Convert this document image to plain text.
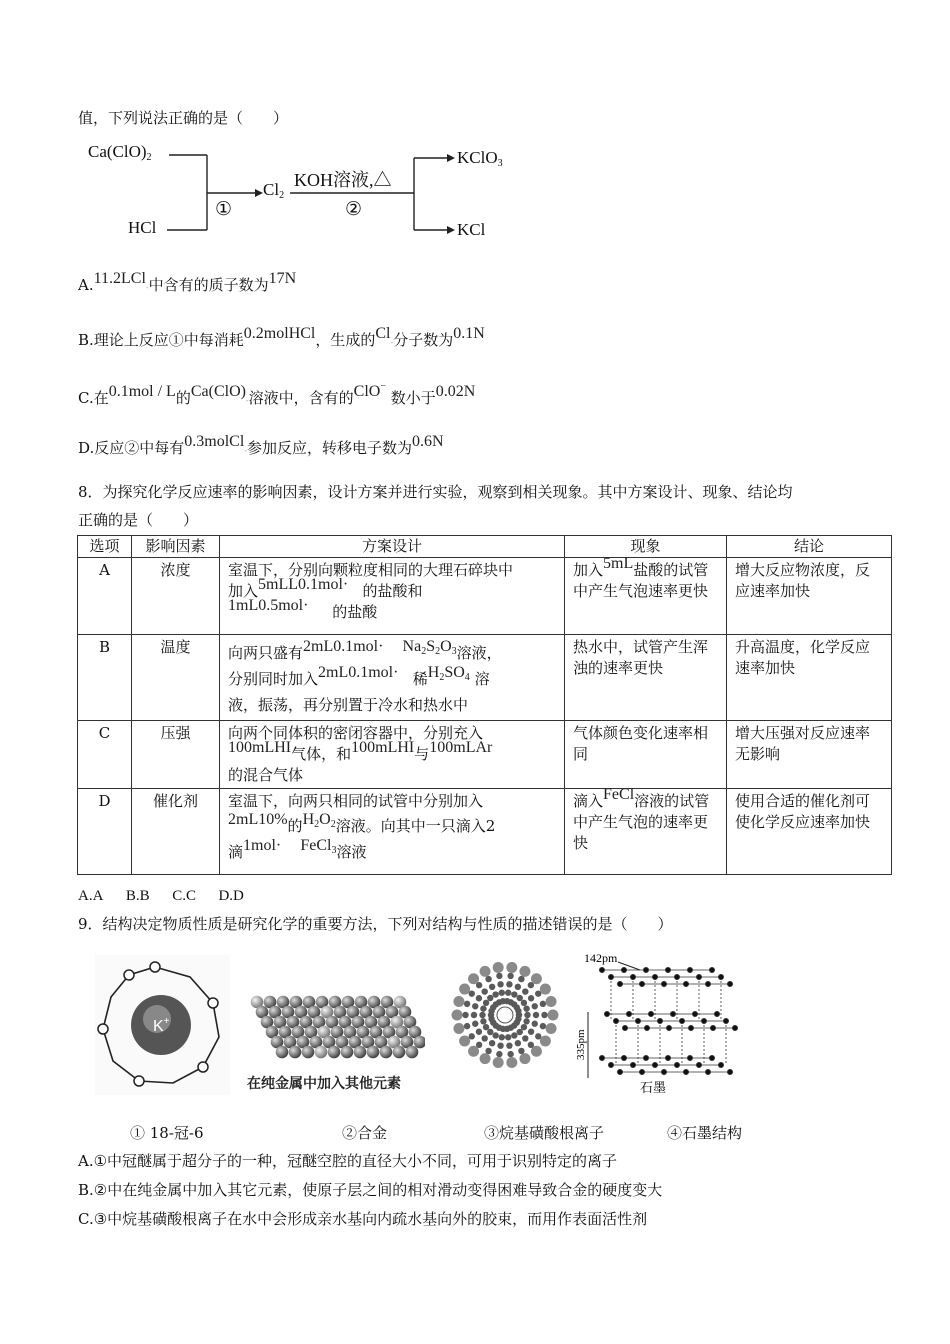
值，下列说法正确的是（　　）
$Ca(ClO)_2$
HCl
①
$Cl_2$
KOH溶液,△
②
KClO$_3$
KCl
A.11.2LCl-中含有的质子数为17N
B.理论上反应①中每消耗0.2molHCl，生成的Cl-分子数为0.1N
C.在0.1mol / L的Ca(ClO)-溶液中，含有的ClO− 数小于0.02N
D.反应②中每有0.3molCl-参加反应，转移电子数为0.6N
8．为探究化学反应速率的影响因素，设计方案并进行实验，观察到相关现象。其中方案设计、现象、结论均
正确的是（　　）
选项	影响因素	方案设计	现象	结论
A	浓度	室温下，分别向颗粒度相同的大理石碎块中
加入5mLL0.1mol· 的盐酸和
1mL0.5mol· 的盐酸	加入5mL盐酸的试管中产生气泡速率更快	增大反应物浓度，反应速率加快
B	温度	向两只盛有$2mL0.1mol\cdot Na_2S_2O_3$溶液，
分别同时加入2mL0.1mol· 稀$H_2SO_4$ 溶
液，振荡，再分别置于冷水和热水中	热水中，试管产生浑浊的速率更快	升高温度，化学反应速率加快
C	压强	向两个同体积的密闭容器中，分别充入
100mLHI气体，和100mLHI与100mLAr
的混合气体	气体颜色变化速率相同	增大压强对反应速率无影响
D	催化剂	室温下，向两只相同的试管中分别加入
2mL10%的$H_2O_2$溶液。向其中一只滴入2
滴1mol· FeCl$_3$溶液	滴入FeCl溶液的试管中产生气泡的速率更快	使用合适的催化剂可使化学反应速率加快
A.A B.B C.C D.D
9．结构决定物质性质是研究化学的重要方法，下列对结构与性质的描述错误的是（　　）
K+
在纯金属中加入其他元素
142pm
335pm
石墨
① 18-冠-6	②合金	③烷基磺酸根离子	④石墨结构
A.①中冠醚属于超分子的一种，冠醚空腔的直径大小不同，可用于识别特定的离子
B.②中在纯金属中加入其它元素，使原子层之间的相对滑动变得困难导致合金的硬度变大
C.③中烷基磺酸根离子在水中会形成亲水基向内疏水基向外的胶束，而用作表面活性剂
